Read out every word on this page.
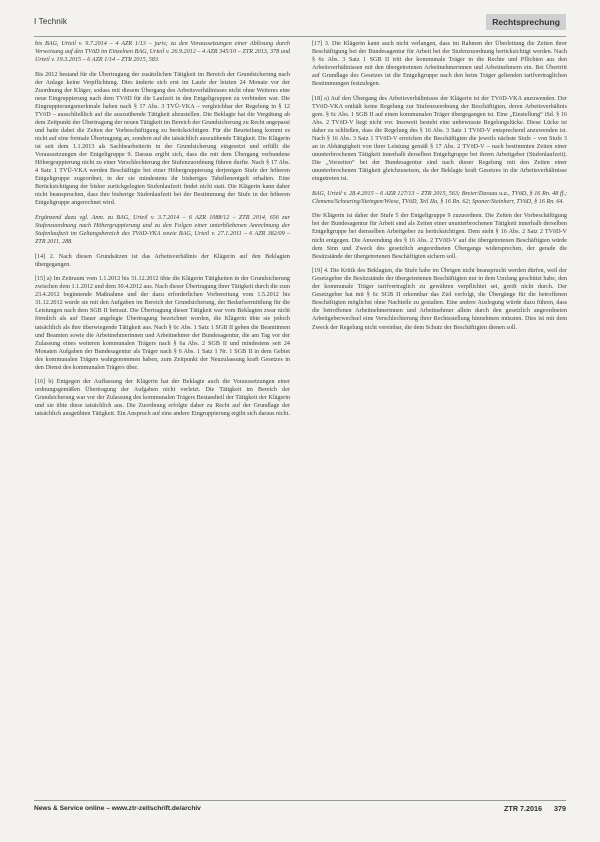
I Technik	Rechtsprechung

bis BAG, Urteil v. 9.7.2014 – 4 AZR 1/13 – juris; zu den Voraussetzungen einer Ablösung durch Verweisung auf den TVöD im Einzelnen BAG, Urteil v. 26.9.2012 – 4 AZR 345/10 – ZTR 2013, 378 und Urteil v. 19.3.2015 – 6 AZR 1/14 – ZTR 2015, 583.

Bis 2012 bestand für die Übertragung der zusätzlichen Tätigkeit im Bereich der Grundsicherung nach der Anlage keine Verpflichtung. Dies änderte sich erst im Laufe der letzten 24 Monate vor der Zuordnung der Kläger, sodass mit diesem Übergang des Arbeitsverhältnisses nicht ohne Weiteres eine neue Eingruppierung nach dem TVöD für die Laufzeit in den Entgeltgruppen zu verbinden war. Die Eingruppierungsmerkmale haben nach § 17 Abs. 3 TVÜ-VKA – vergleichbar der Regelung in § 12 TVöD – ausschließlich auf die auszuübende Tätigkeit abzustellen. Die Beklagte hat die Vergütung ab dem Zeitpunkt der Übertragung der neuen Tätigkeit im Bereich der Grundsicherung zu Recht angepasst und hatte dabei die Zeiten der Vorbeschäftigung zu berücksichtigen. Für die Beurteilung kommt es nicht auf eine formale Übertragung an, sondern auf die tatsächlich auszuübende Tätigkeit. Die Klägerin ist seit dem 1.1.2013 als Sachbearbeiterin in der Grundsicherung eingesetzt und erfüllt die Voraussetzungen der Entgeltgruppe 9. Daraus ergibt sich, dass die mit dem Übergang verbundene Höhergruppierung nicht zu einer Verschlechterung der Stufenzuordnung führen durfte. Nach § 17 Abs. 4 Satz 1 TVÜ-VKA werden Beschäftigte bei einer Höhergruppierung derjenigen Stufe der höheren Entgeltgruppe zugeordnet, in der sie mindestens ihr bisheriges Tabellenentgelt erhalten. Eine Berücksichtigung der bisher zurückgelegten Stufenlaufzeit findet nicht statt. Die Klägerin kann daher nicht beanspruchen, dass ihre bisherige Stufenlaufzeit bei der Bestimmung der Stufe in der höheren Entgeltgruppe angerechnet wird.

Ergänzend dazu vgl. Anm. zu BAG, Urteil v. 3.7.2014 – 6 AZR 1088/12 – ZTR 2014, 656 zur Stufenzuordnung nach Höhergruppierung und zu den Folgen einer unterbliebenen Anrechnung der Stufenlaufzeit im Geltungsbereich des TVöD-VKA sowie BAG, Urteil v. 27.1.2011 – 6 AZR 382/09 – ZTR 2011, 288.

[14] 2. Nach diesen Grundsätzen ist das Arbeitsverhältnis der Klägerin auf den Beklagten übergegangen.

[15] a) Im Zeitraum vom 1.1.2012 bis 31.12.2012 übte die Klägerin Tätigkeiten in der Grundsicherung zwischen dem 1.1.2012 und dem 30.4.2012 aus. Nach dieser Übertragung ihrer Tätigkeit durch die zum 23.4.2012 beginnende Maßnahme und der dazu erforderlichen Vorbereitung vom 1.5.2012 bis 31.12.2012 wurde sie mit den Aufgaben im Bereich der Grundsicherung, der Bedarfsermittlung für die Leistungen nach dem SGB II betraut. Die Übertragung dieser Tätigkeit war vom Beklagten zwar nicht förmlich als auf Dauer angelegte Übertragung bezeichnet worden, die Klägerin übte sie jedoch tatsächlich als ihre überwiegende Tätigkeit aus. Nach § 6c Abs. 1 Satz 1 SGB II gehen die Beamtinnen und Beamten sowie die Arbeitnehmerinnen und Arbeitnehmer der Bundesagentur, die am Tag vor der Zulassung eines weiteren kommunalen Trägers nach § 6a Abs. 2 SGB II und mindestens seit 24 Monaten Aufgaben der Bundesagentur als Träger nach § 6 Abs. 1 Satz 1 Nr. 1 SGB II in dem Gebiet des kommunalen Trägers wahrgenommen haben, zum Zeitpunkt der Neuzulassung kraft Gesetzes in den Dienst des kommunalen Trägers über.

[16] b) Entgegen der Auffassung der Klägerin hat der Beklagte auch die Voraussetzungen einer ordnungsgemäßen Übertragung der Aufgaben nicht verletzt. Die Tätigkeit im Bereich der Grundsicherung war vor der Zulassung des kommunalen Trägers Bestandteil der Tätigkeit der Klägerin und sie übte diese tatsächlich aus. Die Zuordnung erfolgte daher zu Recht auf der Grundlage der tatsächlich ausgeübten Tätigkeit. Ein Anspruch auf eine andere Eingruppierung ergibt sich daraus nicht.

[17] 3. Die Klägerin kann auch nicht verlangen, dass im Rahmen der Überleitung die Zeiten ihrer Beschäftigung bei der Bundesagentur für Arbeit bei der Stufenzuordnung berücksichtigt werden. Nach § 6c Abs. 3 Satz 1 SGB II tritt der kommunale Träger in die Rechte und Pflichten aus den Arbeitsverhältnissen mit den übergetretenen Arbeitnehmerinnen und Arbeitnehmern ein. Bei Übertritt auf Grundlage des Gesetzes ist die Entgeltgruppe nach den beim Träger geltenden tarifvertraglichen Bestimmungen festzulegen.

[18] a) Auf den Übergang des Arbeitsverhältnisses der Klägerin ist der TVöD-VKA anzuwenden. Der TVöD-VKA enthält keine Regelung zur Stufenzuordnung der Beschäftigten, deren Arbeitsverhältnis gem. § 6c Abs. 1 SGB II auf einen kommunalen Träger übergegangen ist. Eine „Einstellung“ iSd. § 16 Abs. 2 TVöD-V liegt nicht vor. Insoweit besteht eine unbewusste Regelungslücke. Diese Lücke ist daher zu schließen, dass die Regelung des § 16 Abs. 3 Satz 1 TVöD-V entsprechend anzuwenden ist. Nach § 16 Abs. 3 Satz 1 TVöD-V erreichen die Beschäftigten die jeweils nächste Stufe – von Stufe 3 an in Abhängigkeit von ihrer Leistung gemäß § 17 Abs. 2 TVöD-V – nach bestimmten Zeiten einer ununterbrochenen Tätigkeit innerhalb derselben Entgeltgruppe bei ihrem Arbeitgeber (Stufenlaufzeit). Die „Vorzeiten“ bei der Bundesagentur sind nach dieser Regelung mit den Zeiten einer ununterbrochenen Tätigkeit gleichzusetzen, da der Beklagte kraft Gesetzes in die Arbeitsverhältnisse eingetreten ist.

BAG, Urteil v. 28.4.2015 – 6 AZR 127/13 – ZTR 2015, 563; Breier/Dassau u.a., TVöD, § 16 Rn. 48 ff.; Clemens/Scheuring/Steingen/Wiese, TVöD, Teil IIa, § 16 Rn. 62; Sponer/Steinherr, TVöD, § 16 Rn. 64.

Die Klägerin ist daher der Stufe 5 der Entgeltgruppe 9 zuzuordnen. Die Zeiten der Vorbeschäftigung bei der Bundesagentur für Arbeit sind als Zeiten einer ununterbrochenen Tätigkeit innerhalb derselben Entgeltgruppe bei demselben Arbeitgeber zu berücksichtigen. Dem steht § 16 Abs. 2 Satz 2 TVöD-V nicht entgegen. Die Anwendung des § 16 Abs. 2 TVöD-V auf die übergetretenen Beschäftigten würde dem Sinn und Zweck des gesetzlich angeordneten Übergangs widersprechen, der gerade die Besitzstände der übergetretenen Beschäftigten sichern soll.

[19] 4. Die Kritik des Beklagten, die Stufe habe im Übrigen nicht beansprucht werden dürfen, weil der Gesetzgeber die Besitzstände der übergetretenen Beschäftigten nur in dem Umfang geschützt habe, den der kommunale Träger tarifvertraglich zu gewähren verpflichtet sei, greift nicht durch. Der Gesetzgeber hat mit § 6c SGB II erkennbar das Ziel verfolgt, die Übergänge für die betroffenen Beschäftigten möglichst ohne Nachteile zu gestalten. Eine andere Auslegung würde dazu führen, dass die betroffenen Arbeitnehmerinnen und Arbeitnehmer allein durch den gesetzlich angeordneten Arbeitgeberwechsel eine Verschlechterung ihrer Rechtsstellung hinnehmen müssten. Dies ist mit dem Zweck der Regelung nicht vereinbar, die dem Schutz der Beschäftigten dienen soll.

News & Service online – www.ztr-zeitschrift.de/archiv	ZTR 7.2016 379
